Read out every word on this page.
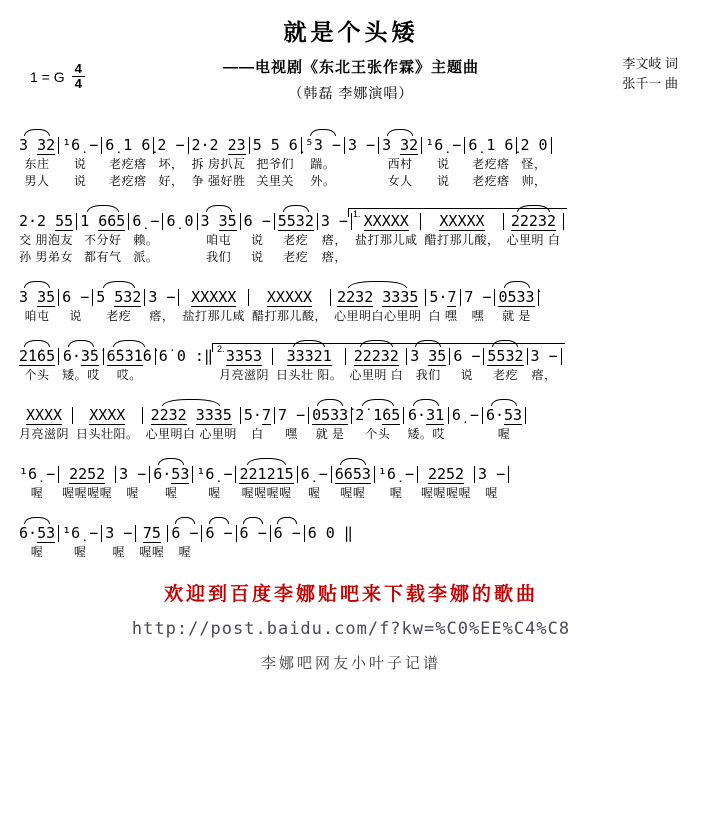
就是个头矮
——电视剧《东北王张作霖》主题曲
（韩磊 李娜演唱）
1 = G $\frac{4}{4}$	李文岐 词
张千一 曲
3 32
东庄
男人
¹6̣ −
说
说
6̣ 1 6̣
老疙瘩
老疙瘩
2 −
坏，
好，
2·2 23
拆 房扒瓦
争 强好胜
5 5 6̣
把爷们
关里关
⁵3 −
踹。
外。
3 − 3 32
西村
女人
¹6̣ −
说
说
6̣ 1 6̣
老疙瘩
老疙瘩
2 0
怪，
帅，
2·2 55
交 朋泡友
孙 男弟女
1 665
不分好
都有气
6̣ −
赖。
派。
6̣ 0 3 35
咱屯
我们
6 −
说
说
5532
老疙
老疙
3 −
瘩，
瘩，
1. XXXXX
盐打那儿咸
XXXXX
醋打那儿酸，
22232
心里明 白
3 35
咱屯
6 −
说
5 532
老疙
3 −
瘩，
XXXXX
盐打那儿咸
XXXXX
醋打那儿酸，
2232 3335
心里明白心里明
5·7
白 嘿
7 −
嘿
0533̇
就 是
2̇1̇65
个头
6·3̇5̇
矮。哎
6̇5̇3̇1̇6̇
哎。
6̇ 0 :‖ 2. 3353
月亮滋阴
33321
日头壮 阳。
22232
心里明 白
3 35
我们
6 −
说
5532
老疙
3 −
瘩，
XXXX
月亮滋阴
XXXX
日头壮阳。
2232 3335
心里明白 心里明
5·7
白
7 −
嘿
0533̇
就 是
2̇ 1̇65
个头
6·31
矮。哎
6̣ − 6·53
喔
¹6̣ −
喔
2252
喔喔喔喔
3 −
喔
6·53
喔
¹6̣ −
喔
221215
喔喔喔喔
6̣ −
喔
6653
喔喔
¹6̣ −
喔
2252
喔喔喔喔
3 −
喔
6·53
喔
¹6̣ −
喔
3 −
喔
75
喔喔
6 −
喔
6 − 6 − 6 − 6 0 ‖
欢迎到百度李娜贴吧来下载李娜的歌曲
http://post.baidu.com/f?kw=%C0%EE%C4%C8
李娜吧网友小叶子记谱
